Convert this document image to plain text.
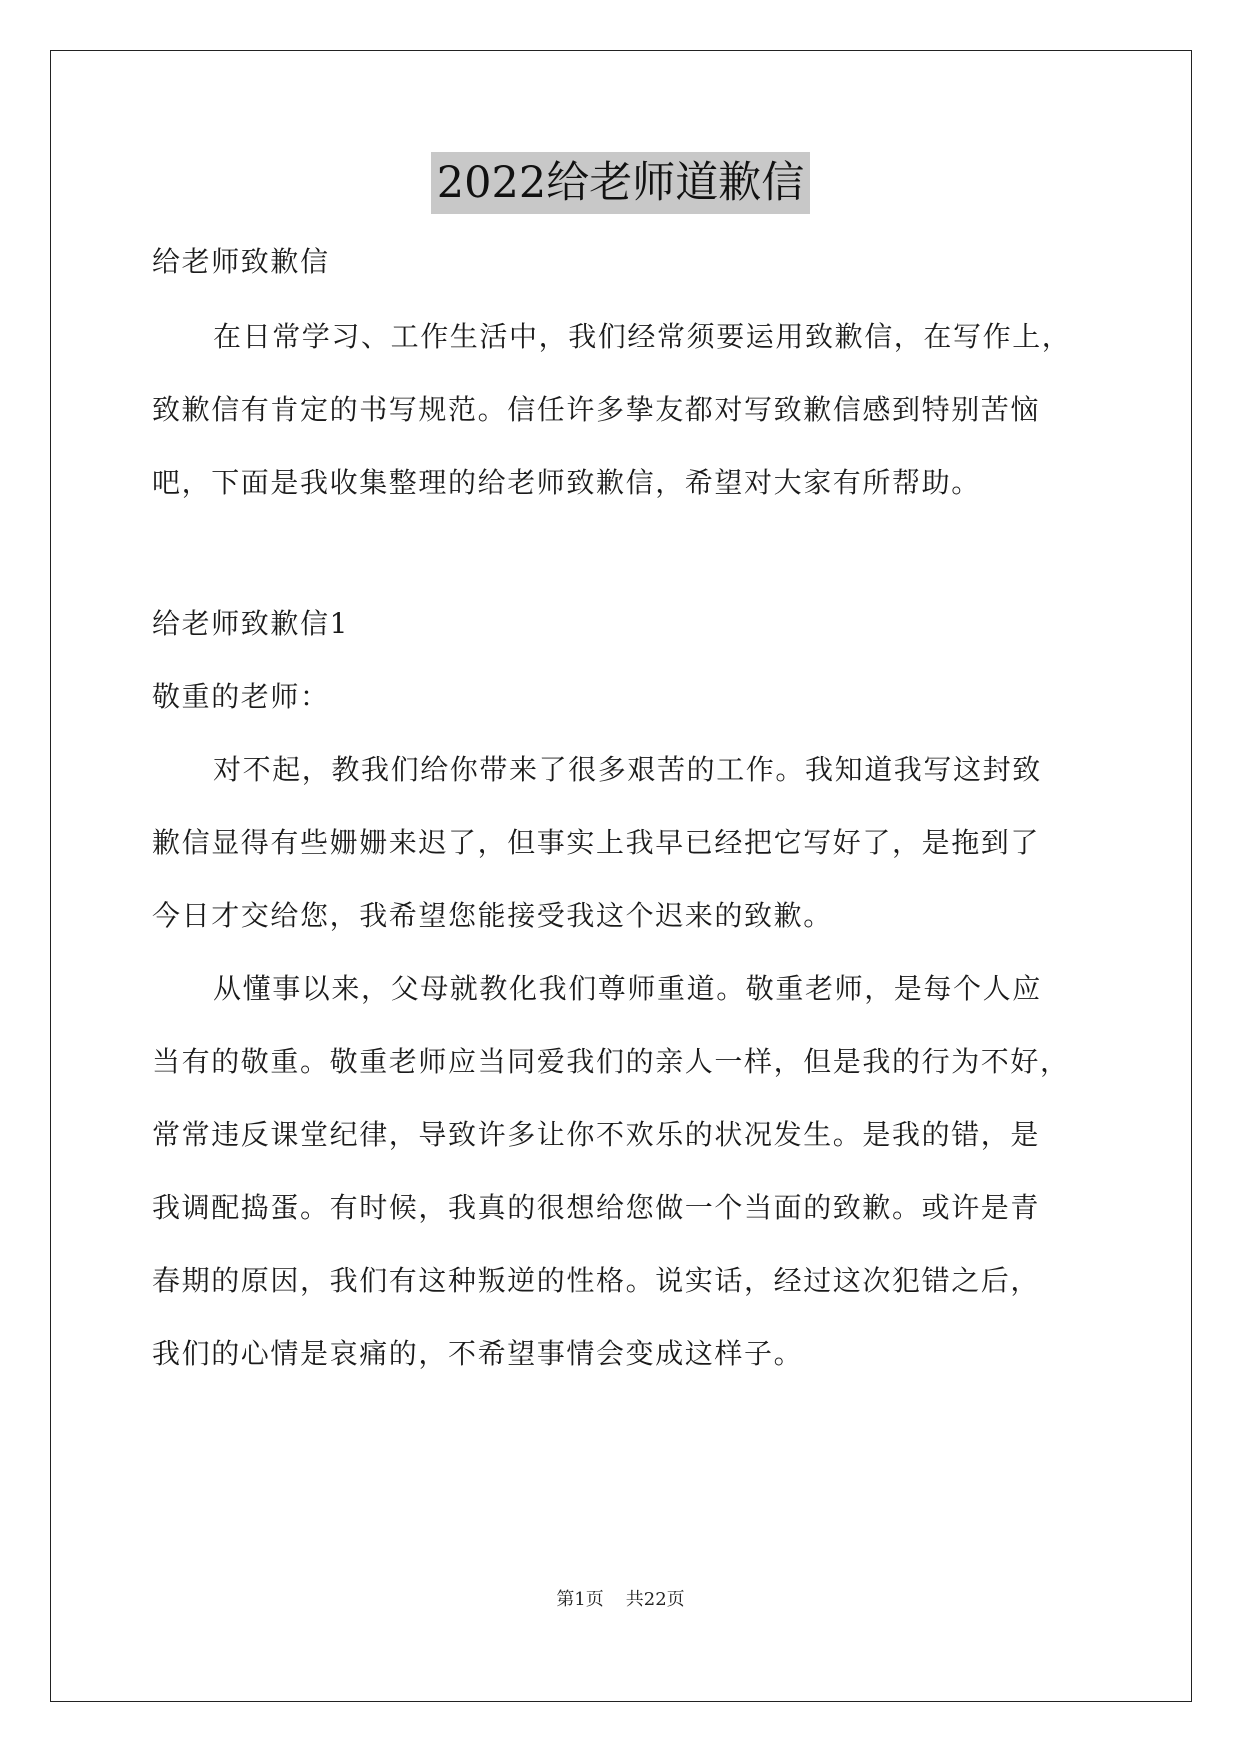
2022给老师道歉信
给老师致歉信
在日常学习、工作生活中，我们经常须要运用致歉信，在写作上，
致歉信有肯定的书写规范。信任许多挚友都对写致歉信感到特别苦恼
吧，下面是我收集整理的给老师致歉信，希望对大家有所帮助。
给老师致歉信1
敬重的老师：
对不起，教我们给你带来了很多艰苦的工作。我知道我写这封致
歉信显得有些姗姗来迟了，但事实上我早已经把它写好了，是拖到了
今日才交给您，我希望您能接受我这个迟来的致歉。
从懂事以来，父母就教化我们尊师重道。敬重老师，是每个人应
当有的敬重。敬重老师应当同爱我们的亲人一样，但是我的行为不好，
常常违反课堂纪律，导致许多让你不欢乐的状况发生。是我的错，是
我调配捣蛋。有时候，我真的很想给您做一个当面的致歉。或许是青
春期的原因，我们有这种叛逆的性格。说实话，经过这次犯错之后，
我们的心情是哀痛的，不希望事情会变成这样子。
第1页 共22页
